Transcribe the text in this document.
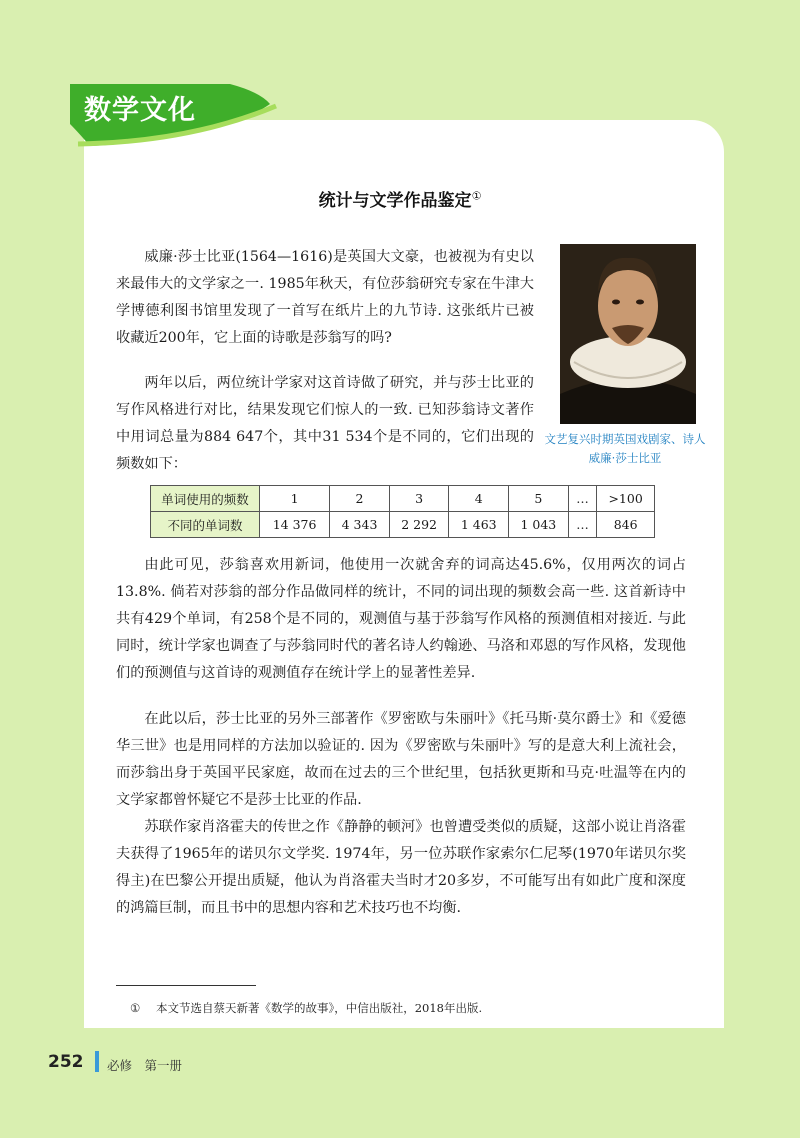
数学文化
统计与文学作品鉴定①

威廉·莎士比亚(1564—1616)是英国大文豪，也被视为有史以来最伟大的文学家之一. 1985年秋天，有位莎翁研究专家在牛津大学博德利图书馆里发现了一首写在纸片上的九节诗. 这张纸片已被收藏近200年，它上面的诗歌是莎翁写的吗?

两年以后，两位统计学家对这首诗做了研究，并与莎士比亚的写作风格进行对比，结果发现它们惊人的一致. 已知莎翁诗文著作中用词总量为884 647个，其中31 534个是不同的，它们出现的频数如下：

文艺复兴时期英国戏剧家、诗人威廉·莎士比亚
单词使用的频数	1	2	3	4	5	…	>100
不同的单词数	14 376	4 343	2 292	1 463	1 043	…	846

由此可见，莎翁喜欢用新词，他使用一次就舍弃的词高达45.6%，仅用两次的词占13.8%. 倘若对莎翁的部分作品做同样的统计，不同的词出现的频数会高一些. 这首新诗中共有429个单词，有258个是不同的，观测值与基于莎翁写作风格的预测值相对接近. 与此同时，统计学家也调查了与莎翁同时代的著名诗人约翰逊、马洛和邓恩的写作风格，发现他们的预测值与这首诗的观测值存在统计学上的显著性差异.

在此以后，莎士比亚的另外三部著作《罗密欧与朱丽叶》《托马斯·莫尔爵士》和《爱德华三世》也是用同样的方法加以验证的. 因为《罗密欧与朱丽叶》写的是意大利上流社会，而莎翁出身于英国平民家庭，故而在过去的三个世纪里，包括狄更斯和马克·吐温等在内的文学家都曾怀疑它不是莎士比亚的作品.

苏联作家肖洛霍夫的传世之作《静静的顿河》也曾遭受类似的质疑，这部小说让肖洛霍夫获得了1965年的诺贝尔文学奖. 1974年，另一位苏联作家索尔仁尼琴(1970年诺贝尔奖得主)在巴黎公开提出质疑，他认为肖洛霍夫当时才20多岁，不可能写出有如此广度和深度的鸿篇巨制，而且书中的思想内容和艺术技巧也不均衡.

① 本文节选自蔡天新著《数学的故事》，中信出版社，2018年出版.
252 必修　第一册
